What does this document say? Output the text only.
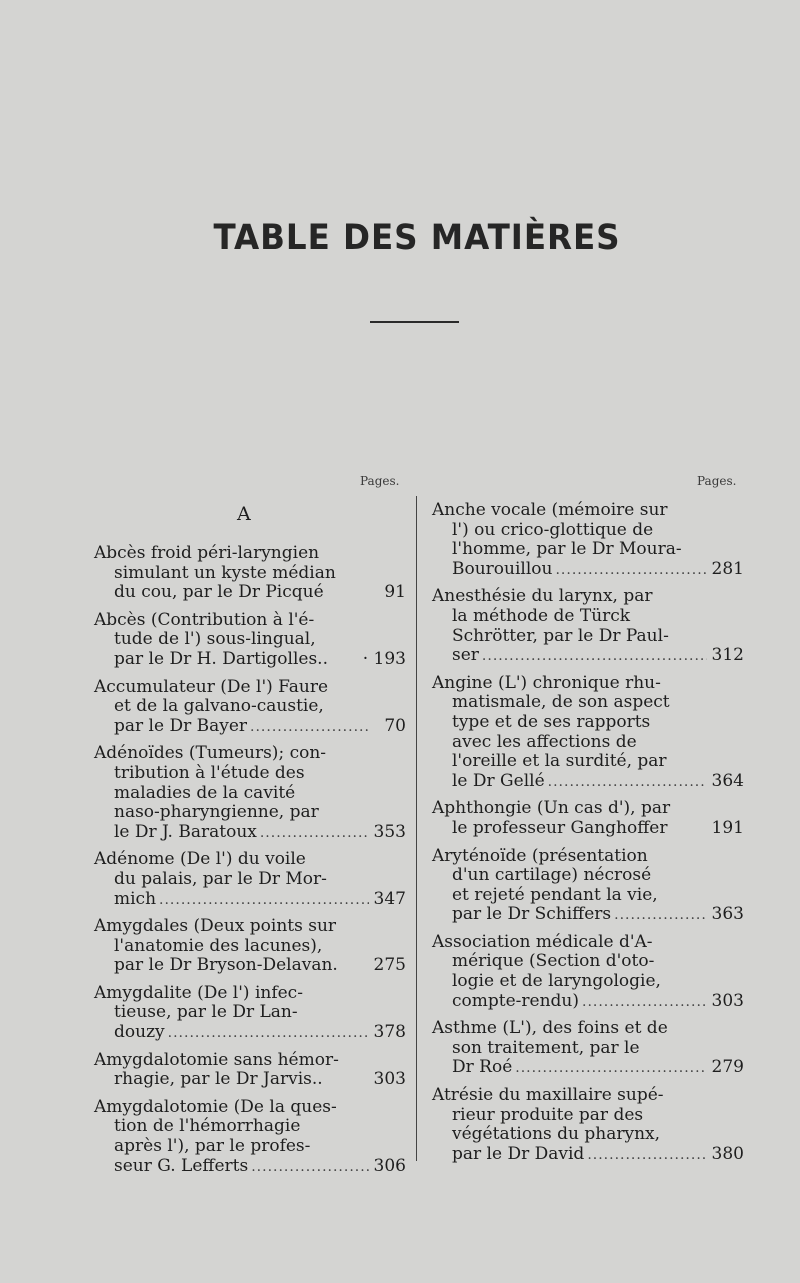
TABLE DES MATIÈRES
Pages.	Pages.
A
Abcès froid péri-laryngien
simulant un kyste médian
du cou, par le Dr Picqué	91
Abcès (Contribution à l'é-
tude de l') sous-lingual,
par le Dr H. Dartigolles.. · 193
Accumulateur (De l') Faure
et de la galvano-caustie,
par le Dr Bayer .....	70
Adénoïdes (Tumeurs); con-
tribution à l'étude des
maladies de la cavité
naso-pharyngienne, par
le Dr J. Baratoux .....	353
Adénome (De l') du voile
du palais, par le Dr Mor-
mich .....	347
Amygdales (Deux points sur
l'anatomie des lacunes),
par le Dr Bryson-Delavan. 275
Amygdalite (De l') infec-
tieuse, par le Dr Lan-
douzy .....	378
Amygdalotomie sans hémor-
rhagie, par le Dr Jarvis..	303
Amygdalotomie (De la ques-
tion de l'hémorrhagie
après l'), par le profes-
seur G. Lefferts .....	306
Anche vocale (mémoire sur
l') ou crico-glottique de
l'homme, par le Dr Moura-
Bourouillou .....	281
Anesthésie du larynx, par
la méthode de Türck
Schrötter, par le Dr Paul-
ser .....	312
Angine (L') chronique rhu-
matismale, de son aspect
type et de ses rapports
avec les affections de
l'oreille et la surdité, par
le Dr Gellé .....	364
Aphthongie (Un cas d'), par
le professeur Ganghoffer	191
Aryténoïde (présentation
d'un cartilage) nécrosé
et rejeté pendant la vie,
par le Dr Schiffers .....	363
Association médicale d'A-
mérique (Section d'oto-
logie et de laryngologie,
compte-rendu) .....	303
Asthme (L'), des foins et de
son traitement, par le
Dr Roé .....	279
Atrésie du maxillaire supé-
rieur produite par des
végétations du pharynx,
par le Dr David .....	380
